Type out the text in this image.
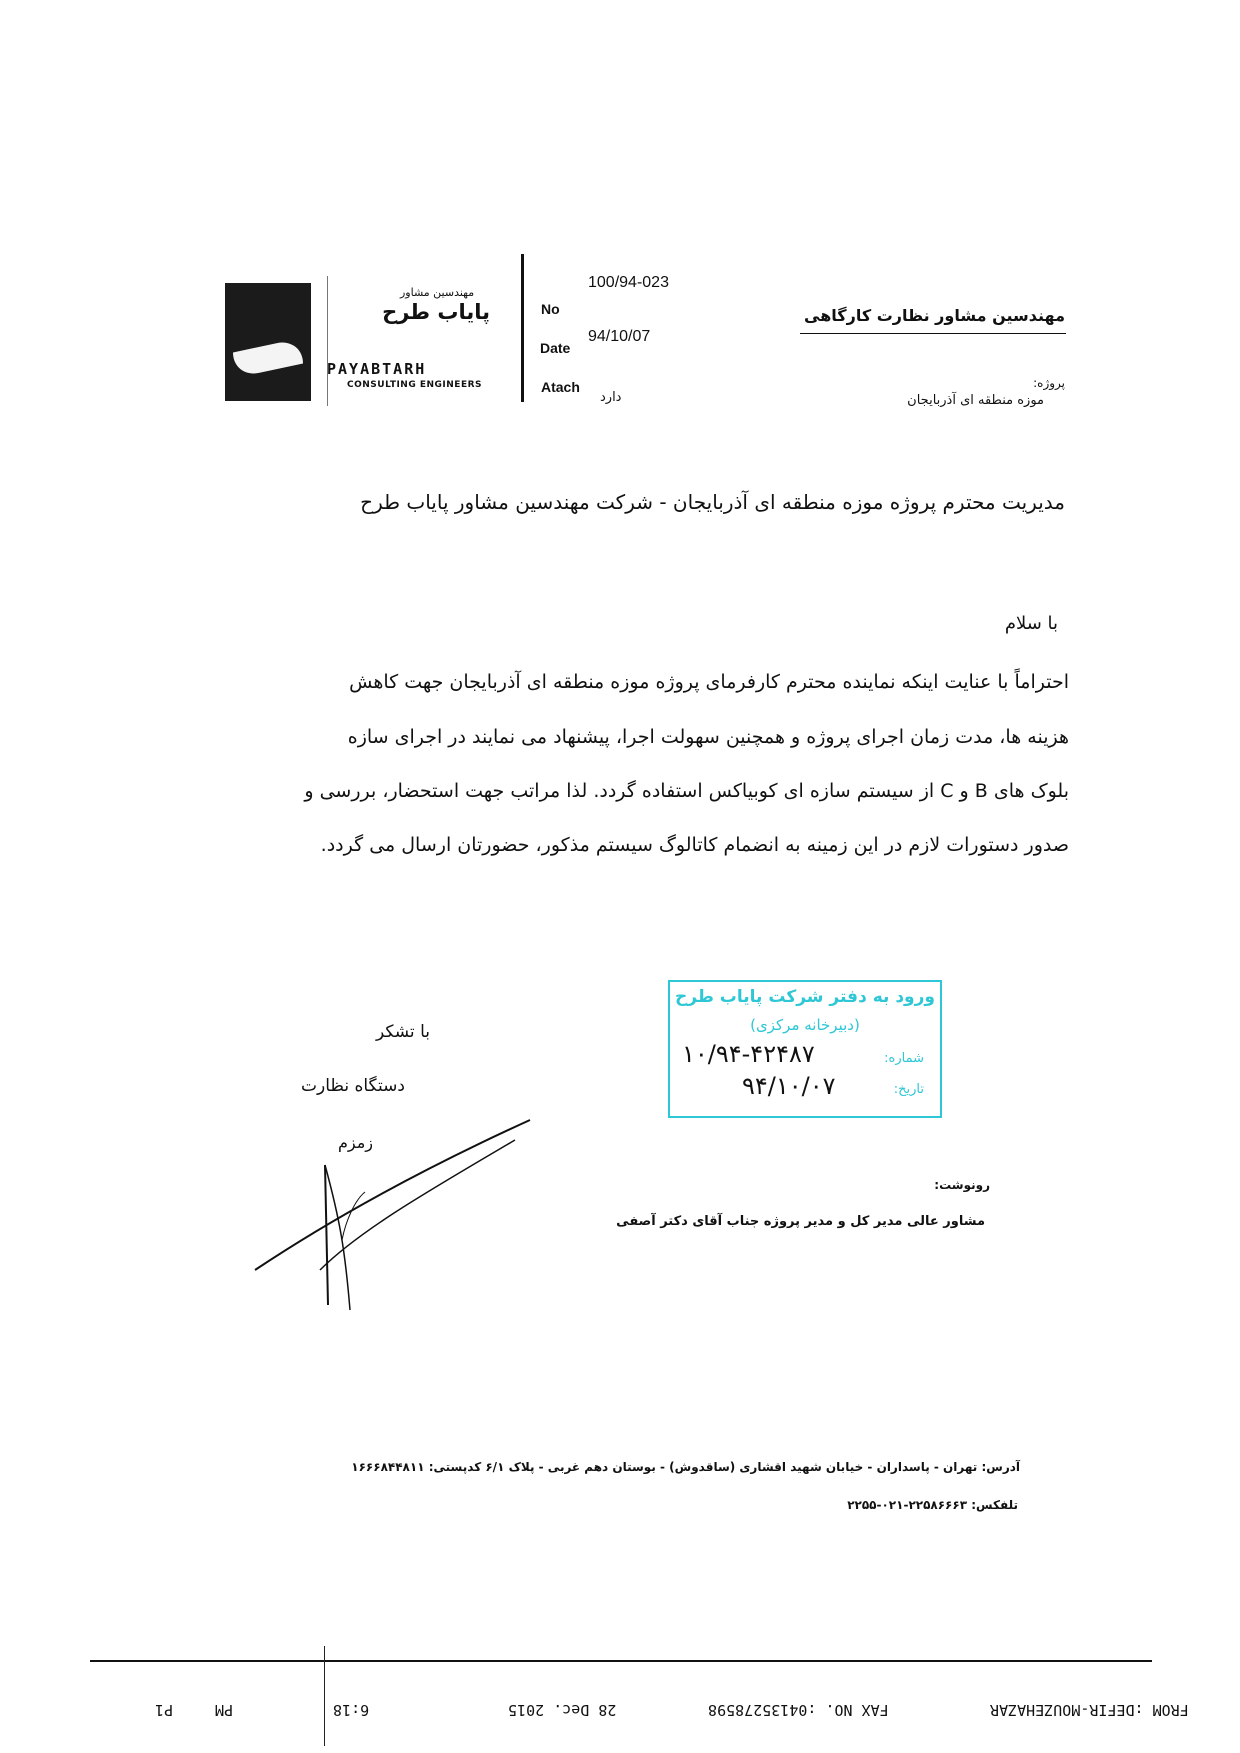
مهندسین مشاور
پایاب طرح
PAYABTARH
CONSULTING ENGINEERS
No
Date
Atach
100/94-023
94/10/07
دارد
مهندسین مشاور نظارت کارگاهی
پروژه:
موزه منطقه ای آذربایجان
مدیریت محترم پروژه موزه منطقه ای آذربایجان - شرکت مهندسین مشاور پایاب طرح
با سلام
احتراماً با عنایت اینکه نماینده محترم کارفرمای پروژه موزه منطقه ای آذربایجان جهت کاهش
هزینه ها، مدت زمان اجرای پروژه و همچنین سهولت اجرا، پیشنهاد می نمایند در اجرای سازه
بلوک های B و C از سیستم سازه ای کوبیاکس استفاده گردد. لذا مراتب جهت استحضار، بررسی و
صدور دستورات لازم در این زمینه به انضمام کاتالوگ سیستم مذکور، حضورتان ارسال می گردد.
با تشکر
دستگاه نظارت
زمزم
ورود به دفتر شرکت پایاب طرح
(دبیرخانه مرکزی)
شماره:
۱۰/۹۴-۴۲۴۸۷
تاریخ:
۹۴/۱۰/۰۷
رونوشت:
مشاور عالی مدیر کل و مدیر پروژه جناب آقای دکتر آصفی
آدرس: تهران - پاسداران - خیابان شهید اقشاری (ساقدوش) - بوستان دهم غربی - پلاک ۶/۱ کدپستی: ۱۶۶۶۸۴۴۸۱۱
تلفکس: ۲۲۵۸۶۶۶۳-۰۲۱-۲۲۵۵
FROM :DEFIR-MOUZEHAZAR
FAX NO. :04135278598
28 Dec. 2015
6:18
PM
P1
